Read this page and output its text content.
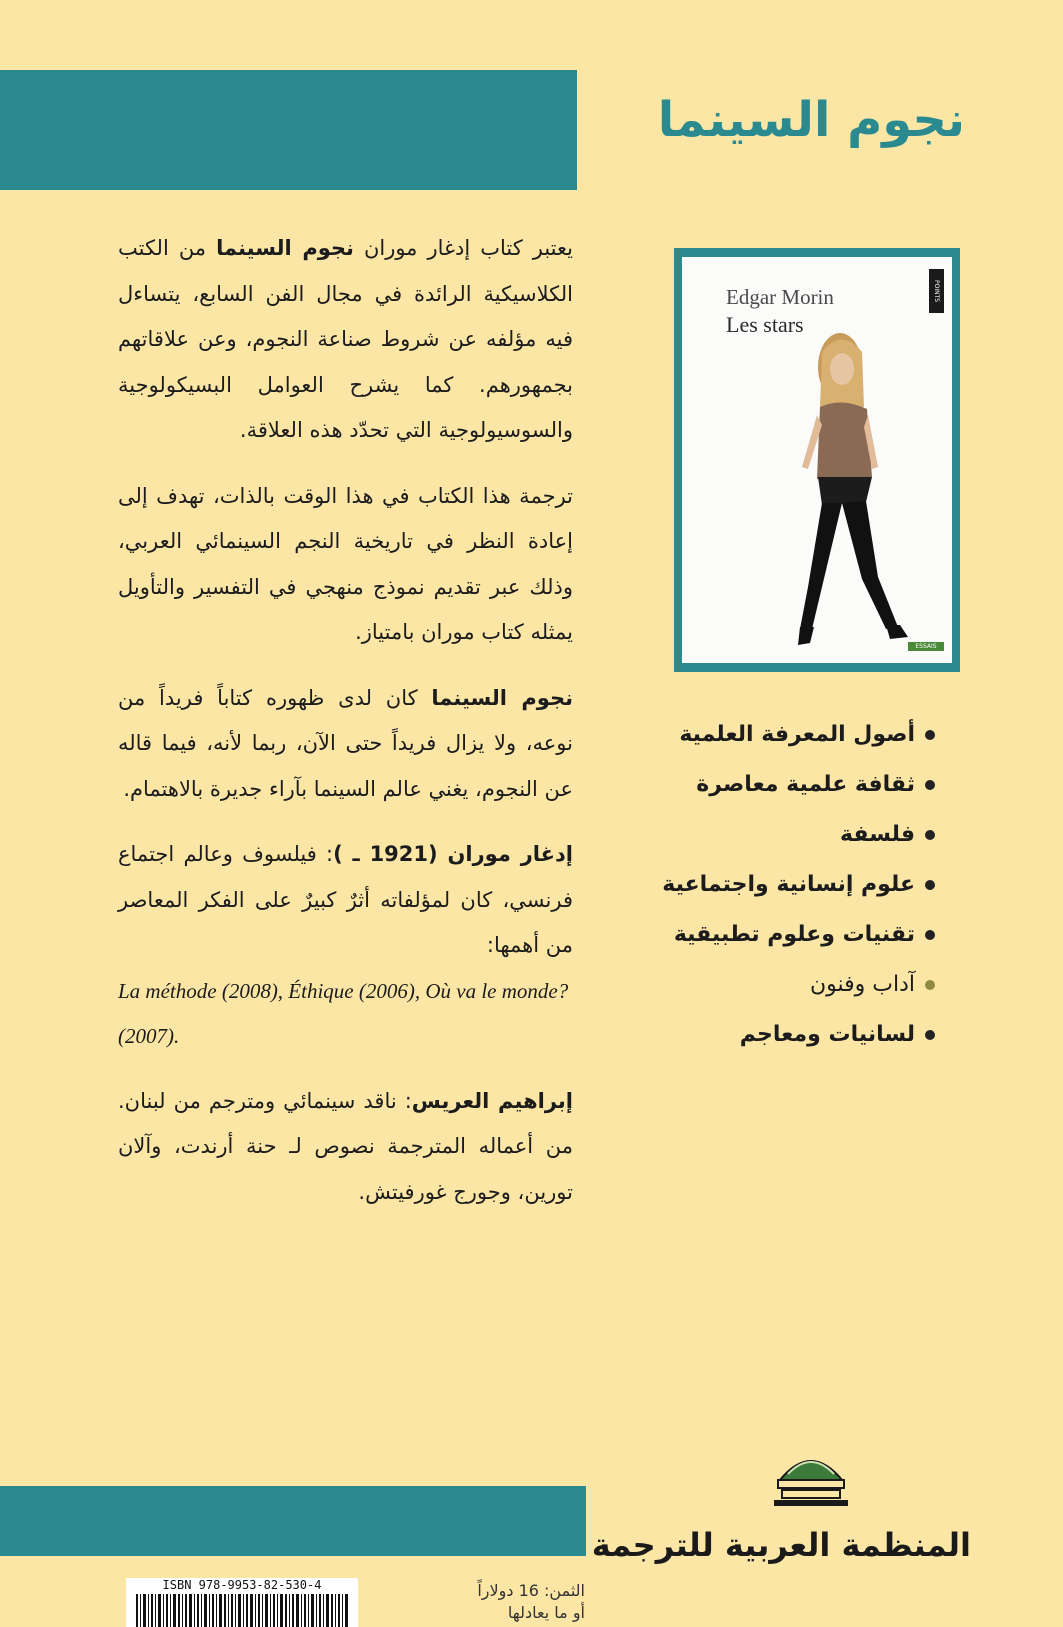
نجوم السينما

يعتبر كتاب إدغار موران نجوم السينما من الكتب الكلاسيكية الرائدة في مجال الفن السابع، يتساءل فيه مؤلفه عن شروط صناعة النجوم، وعن علاقاتهم بجمهورهم. كما يشرح العوامل البسيكولوجية والسوسيولوجية التي تحدّد هذه العلاقة.

ترجمة هذا الكتاب في هذا الوقت بالذات، تهدف إلى إعادة النظر في تاريخية النجم السينمائي العربي، وذلك عبر تقديم نموذج منهجي في التفسير والتأويل يمثله كتاب موران بامتياز.

نجوم السينما كان لدى ظهوره كتاباً فريداً من نوعه، ولا يزال فريداً حتى الآن، ربما لأنه، فيما قاله عن النجوم، يغني عالم السينما بآراء جديرة بالاهتمام.

إدغار موران (1921 ـ ): فيلسوف وعالم اجتماع فرنسي، كان لمؤلفاته أثرٌ كبيرٌ على الفكر المعاصر من أهمها:

La méthode (2008), Éthique (2006), Où va le monde? (2007).

إبراهيم العريس: ناقد سينمائي ومترجم من لبنان. من أعماله المترجمة نصوص لـ حنة أرندت، وآلان تورين، وجورج غورفيتش.

Edgar Morin
Les stars
POINTS
ESSAIS
أصول المعرفة العلمية
ثقافة علمية معاصرة
فلسفة
علوم إنسانية واجتماعية
تقنيات وعلوم تطبيقية
آداب وفنون
لسانيات ومعاجم
المنظمة العربية للترجمة
ISBN 978-9953-82-530-4	الثمن: 16 دولاراً
أو ما يعادلها
